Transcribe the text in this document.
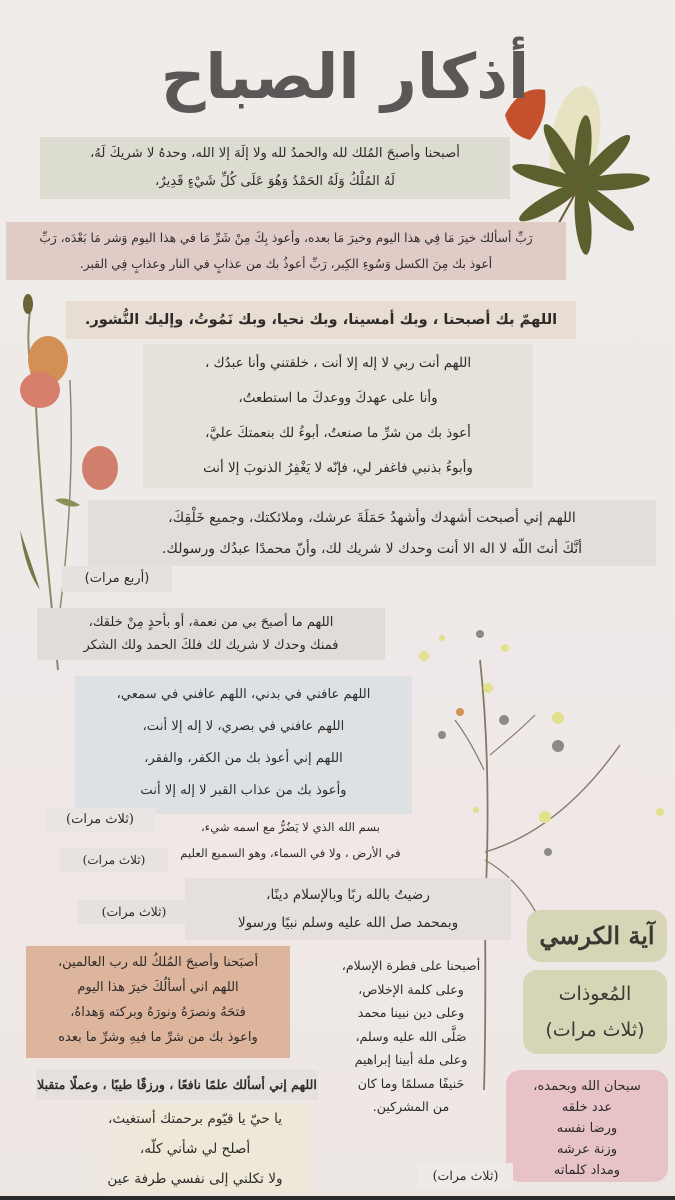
أذكار الصباح
أصبحنا وأصبحَ المُلك لله والحمدُ لله ولا إلَهَ إلا الله، وحدهُ لا شريكَ لَهُ،
لَهُ المُلْكُ وَلَهُ الحَمْدُ وَهُوَ عَلَى كُلِّ شَيْءٍ قَدِيرٌ،
رَبِّ أسألك خيرَ مَا فِي هذا اليوم وخيرَ مَا بعده، وأعوذ بِكَ مِنْ شَرِّ مَا في هذا اليوم وَشر مَا بَعْدَه، رَبِّ
أعوذ بك مِنَ الكسل وَسُوءِ الكِبر، رَبِّ أعوذُ بك من عذابٍ في النار وعذابٍ فِي القبر.
اللهمّ بك أصبحنا ، وبك أمسينا، وبك نحيا، وبك نَمُوتُ، وإليك النُّشور.
اللهم أنت ربي لا إله إلا أنت ، خلقتني وأنا عبدُك ،
وأنا على عهدكَ ووعدكَ ما استطعتُ،
أعوذ بك من شرِّ ما صنعتُ، أبوءُ لك بنعمتكَ عليَّ،
وأبوءُ بذنبي فاغفر لي، فإنّه لا يَغْفِرُ الذنوبَ إلا أنت
اللهم إني أصبحت أشهدك وأشهدُ حَمَلَةَ عرشك، وملائكتك، وجميع خَلْقِكَ،
أنَّكَ أنتَ اللّه لا اله الا أنت وحدك لا شريك لك، وأنّ محمدًا عبدُك ورسولك.
(أربع مرات)
اللهم ما أصبحَ بي من نعمة، أو بأحدٍ مِنْ خلقك،
فمنك وحدك لا شريك لك فلكَ الحمد ولك الشكر
اللهم عافني في بدني، اللهم عافني في سمعي،
اللهم عافني في بصري، لا إله إلا أنت،
اللهم إني أعوذ بك من الكفر، والفقر،
وأعوذ بك من عذاب القبر لا إله إلا أنت
(ثلاث مرات)	بسم الله الذي لا يَضُرُّ مع اسمه شيء،
في الأرض ، ولا في السماء، وهو السميع العليم
(ثلاث مرات)
رضيتُ بالله ربًا وبالإسلام دينًا،
وبمحمد صل الله عليه وسلم نبيًا ورسولا
(ثلاث مرات)
آية الكرسي
المُعوذات
(ثلاث مرات)
أصبَحنا وأصبحَ المُلكُ لله رب العالمين،
اللهم اني أسألُكَ خيرَ هذا اليوم
فتحَهُ ونصرَهُ ونورَهُ وبركته وَهداهُ،
واعوذ بك من شرِّ ما فيهِ وشرِّ ما بعده
أصبحنا على فطرة الإسلام،
وعلى كلمة الإخلاص،
وعلى دين نبينا محمد
صَلَّى الله عليه وسلم،
وعلى ملة أبينا إبراهيم
حَنيفًا مسلمًا وما كان
من المشركين.
سبحان الله وبحمده،
عدد خلقه
ورضا نفسه
وزنة عرشه
ومداد كلماته
اللهم إني أسألك علمًا نافعًا ، ورزقًا طيبًا ، وعملًا متقبلا
يا حيّ يا قيّوم برحمتك أستغيث،
أصلح لي شأني كلّه،
ولا تكلني إلى نفسي طرفة عين	(ثلاث مرات)
